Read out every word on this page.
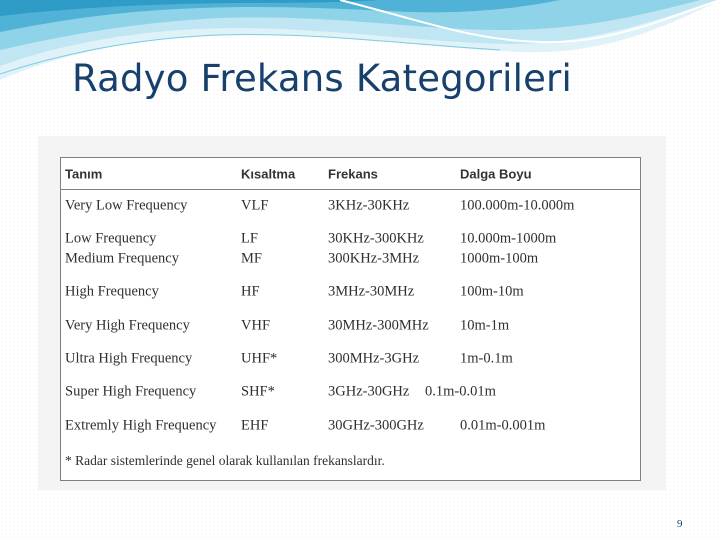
Radyo Frekans Kategorileri
Tanım	Kısaltma	Frekans	Dalga Boyu
Very Low Frequency	VLF	3KHz-30KHz	100.000m-10.000m
Low Frequency	LF	30KHz-300KHz 10.000m-1000m
Medium Frequency	MF	300KHz-3MHz	1000m-100m
High Frequency	HF	3MHz-30MHz	100m-10m
Very High Frequency	VHF	30MHz-300MHz 10m-1m
Ultra High Frequency	UHF*	300MHz-3GHz	1m-0.1m
Super High Frequency	SHF*	3GHz-30GHz 0.1m-0.01m
Extremly High Frequency EHF	30GHz-300GHz 0.01m-0.001m
* Radar sistemlerinde genel olarak kullanılan frekanslardır.
9
